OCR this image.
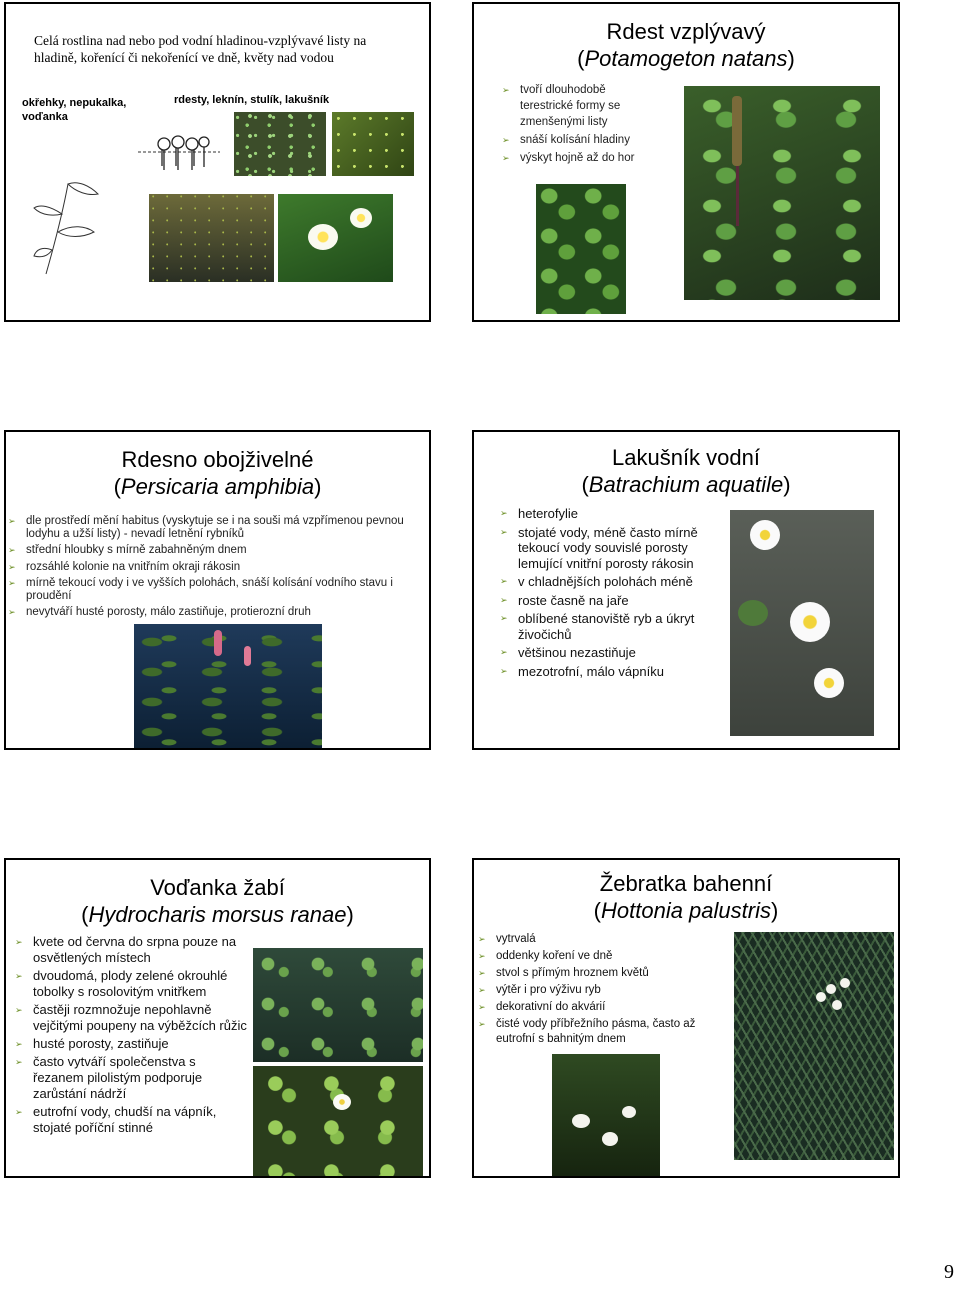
Celá rostlina nad nebo pod vodní hladinou-vzplývavé listy na hladině, kořenící či nekořenící ve dně, květy nad vodou
okřehky, nepukalka, voďanka
rdesty, leknín, stulík, lakušník
Rdest vzplývavý
(Potamogeton natans)
➢ tvoří dlouhodobě terestrické formy se zmenšenými listy
➢ snáší kolísání hladiny
➢ výskyt hojně až do hor
Rdesno obojživelné
(Persicaria amphibia)
➢ dle prostředí mění habitus (vyskytuje se i na souši má vzpřímenou pevnou lodyhu a užší listy) - nevadí letnění rybníků
➢ střední hloubky s mírně zabahněným dnem
➢ rozsáhlé kolonie na vnitřním okraji rákosin
➢ mírně tekoucí vody i ve vyšších polohách, snáší kolísání vodního stavu i proudění
➢ nevytváří husté porosty, málo zastiňuje, protierozní druh
Lakušník vodní
(Batrachium aquatile)
➢ heterofylie
➢ stojaté vody, méně často mírně tekoucí vody souvislé porosty lemující vnitřní porosty rákosin
➢ v chladnějších polohách méně
➢ roste časně na jaře
➢ oblíbené stanoviště ryb a úkryt živočichů
➢ většinou nezastiňuje
➢ mezotrofní, málo vápníku
Voďanka žabí
(Hydrocharis morsus ranae)
➢ kvete od června do srpna pouze na osvětlených místech
➢ dvoudomá, plody zelené okrouhlé tobolky s rosolovitým vnitřkem
➢ častěji rozmnožuje nepohlavně vejčitými poupeny na výběžcích růžic
➢ husté porosty, zastiňuje
➢ často vytváří společenstva s řezanem pilolistým podporuje zarůstání nádrží
➢ eutrofní vody, chudší na vápník, stojaté poříční stinné
Žebratka bahenní
(Hottonia palustris)
➢ vytrvalá
➢ oddenky koření ve dně
➢ stvol s přímým hroznem květů
➢ výtěr i pro výživu ryb
➢ dekorativní do akvárií
➢ čisté vody příbřežního pásma, často až eutrofní s bahnitým dnem
9
